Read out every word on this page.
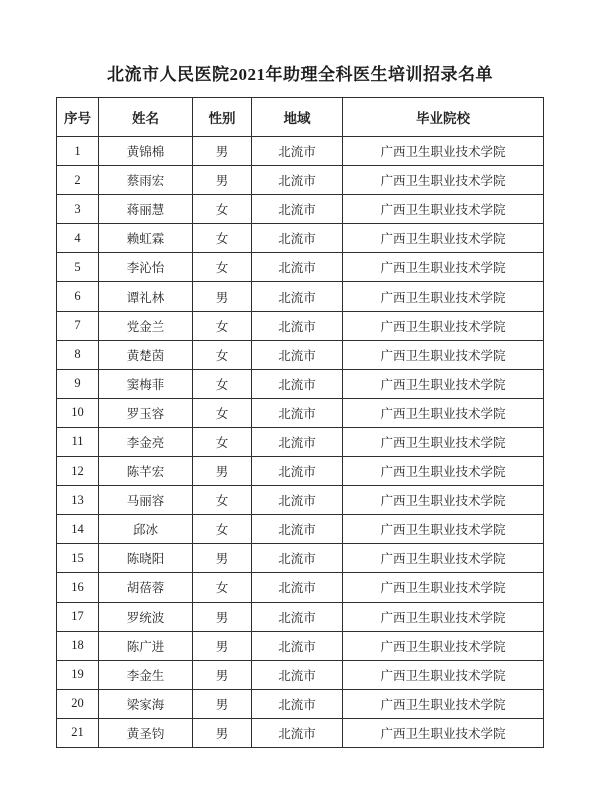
北流市人民医院2021年助理全科医生培训招录名单
序号	姓名	性别	地域	毕业院校
1	黄锦棉	男	北流市	广西卫生职业技术学院
2	蔡雨宏	男	北流市	广西卫生职业技术学院
3	蒋丽慧	女	北流市	广西卫生职业技术学院
4	赖虹霖	女	北流市	广西卫生职业技术学院
5	李沁怡	女	北流市	广西卫生职业技术学院
6	谭礼林	男	北流市	广西卫生职业技术学院
7	党金兰	女	北流市	广西卫生职业技术学院
8	黄楚茵	女	北流市	广西卫生职业技术学院
9	窦梅菲	女	北流市	广西卫生职业技术学院
10	罗玉容	女	北流市	广西卫生职业技术学院
11	李金亮	女	北流市	广西卫生职业技术学院
12	陈芊宏	男	北流市	广西卫生职业技术学院
13	马丽容	女	北流市	广西卫生职业技术学院
14	邱冰	女	北流市	广西卫生职业技术学院
15	陈晓阳	男	北流市	广西卫生职业技术学院
16	胡蓓蓉	女	北流市	广西卫生职业技术学院
17	罗统波	男	北流市	广西卫生职业技术学院
18	陈广进	男	北流市	广西卫生职业技术学院
19	李金生	男	北流市	广西卫生职业技术学院
20	梁家海	男	北流市	广西卫生职业技术学院
21	黄圣钧	男	北流市	广西卫生职业技术学院
